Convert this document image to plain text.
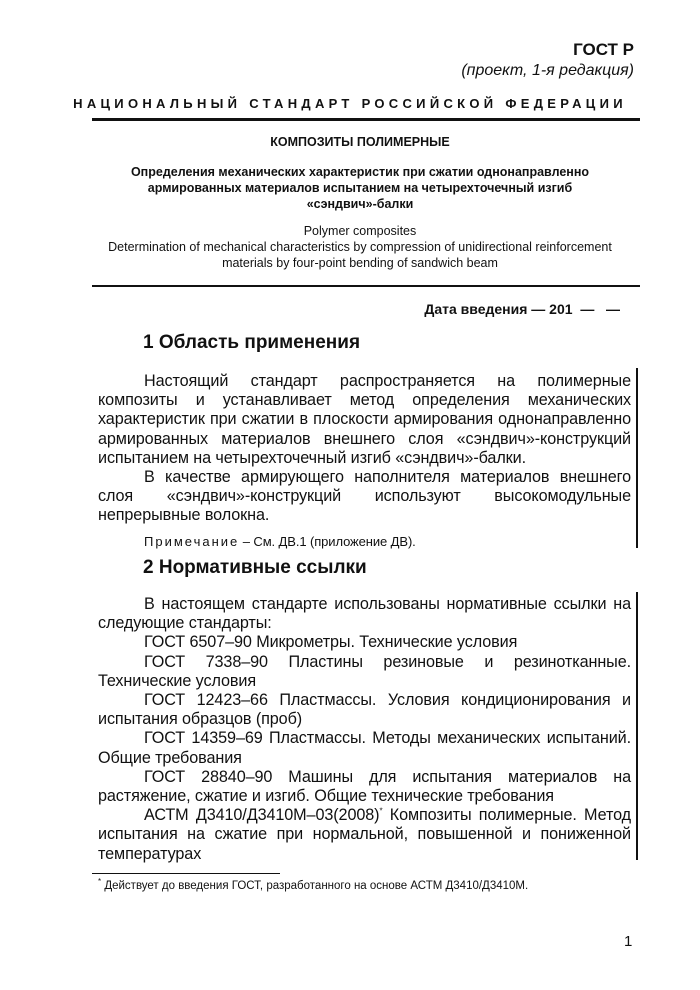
ГОСТ Р
(проект, 1-я редакция)
НАЦИОНАЛЬНЫЙ СТАНДАРТ РОССИЙСКОЙ ФЕДЕРАЦИИ
КОМПОЗИТЫ ПОЛИМЕРНЫЕ
Определения механических характеристик при сжатии однонаправленно
армированных материалов испытанием на четырехточечный изгиб
«сэндвич»-балки
Polymer composites
Determination of mechanical characteristics by compression of unidirectional reinforcement
materials by four-point bending of sandwich beam
Дата введения — 201  —   —
1 Область применения
Настоящий стандарт распространяется на полимерные композиты и устанавливает метод определения механических характеристик при сжатии в плоскости армирования однонаправленно армированных материалов внешнего слоя «сэндвич»-конструкций испытанием на четырехточечный изгиб «сэндвич»-балки.
В качестве армирующего наполнителя материалов внешнего слоя «сэндвич»-конструкций используют высокомодульные непрерывные волокна.
Примечание – См. ДВ.1 (приложение ДВ).
2 Нормативные ссылки
В настоящем стандарте использованы нормативные ссылки на следующие стандарты:
ГОСТ 6507–90 Микрометры. Технические условия
ГОСТ 7338–90 Пластины резиновые и резинотканные. Технические условия
ГОСТ 12423–66 Пластмассы. Условия кондиционирования и испытания образцов (проб)
ГОСТ 14359–69 Пластмассы. Методы механических испытаний. Общие требования
ГОСТ 28840–90 Машины для испытания материалов на растяжение, сжатие и изгиб. Общие технические требования
АСТМ Д3410/Д3410М–03(2008)* Композиты полимерные. Метод испытания на сжатие при нормальной, повышенной и пониженной температурах
* Действует до введения ГОСТ, разработанного на основе АСТМ Д3410/Д3410М.
1
